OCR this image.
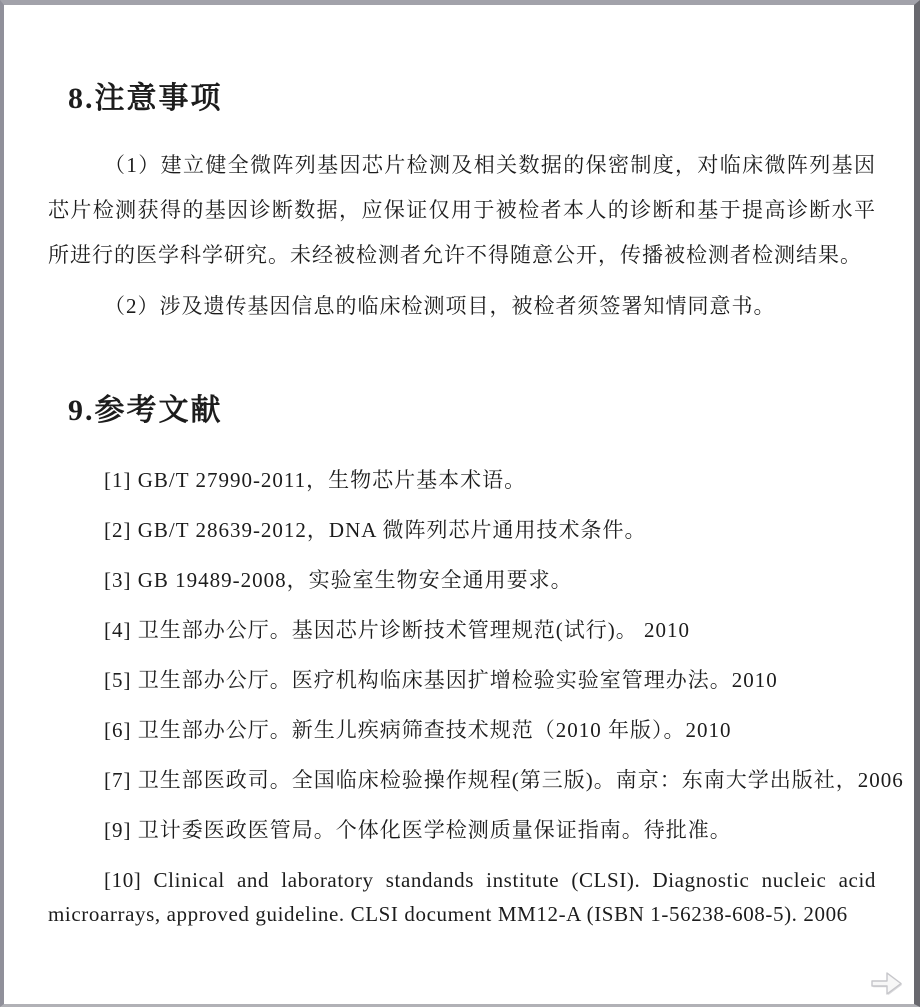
8.注意事项

（1）建立健全微阵列基因芯片检测及相关数据的保密制度，对临床微阵列基因芯片检测获得的基因诊断数据，应保证仅用于被检者本人的诊断和基于提高诊断水平所进行的医学科学研究。未经被检测者允许不得随意公开，传播被检测者检测结果。

（2）涉及遗传基因信息的临床检测项目，被检者须签署知情同意书。

9.参考文献

[1] GB/T 27990-2011，生物芯片基本术语。

[2] GB/T 28639-2012，DNA 微阵列芯片通用技术条件。

[3] GB 19489-2008，实验室生物安全通用要求。

[4] 卫生部办公厅。基因芯片诊断技术管理规范(试行)。 2010

[5] 卫生部办公厅。医疗机构临床基因扩增检验实验室管理办法。2010

[6] 卫生部办公厅。新生儿疾病筛查技术规范（2010 年版）。2010

[7] 卫生部医政司。全国临床检验操作规程(第三版)。南京：东南大学出版社，2006

[9] 卫计委医政医管局。个体化医学检测质量保证指南。待批准。

[10] Clinical and laboratory standands institute (CLSI). Diagnostic nucleic acid microarrays, approved guideline. CLSI document MM12-A (ISBN 1-56238-608-5). 2006
